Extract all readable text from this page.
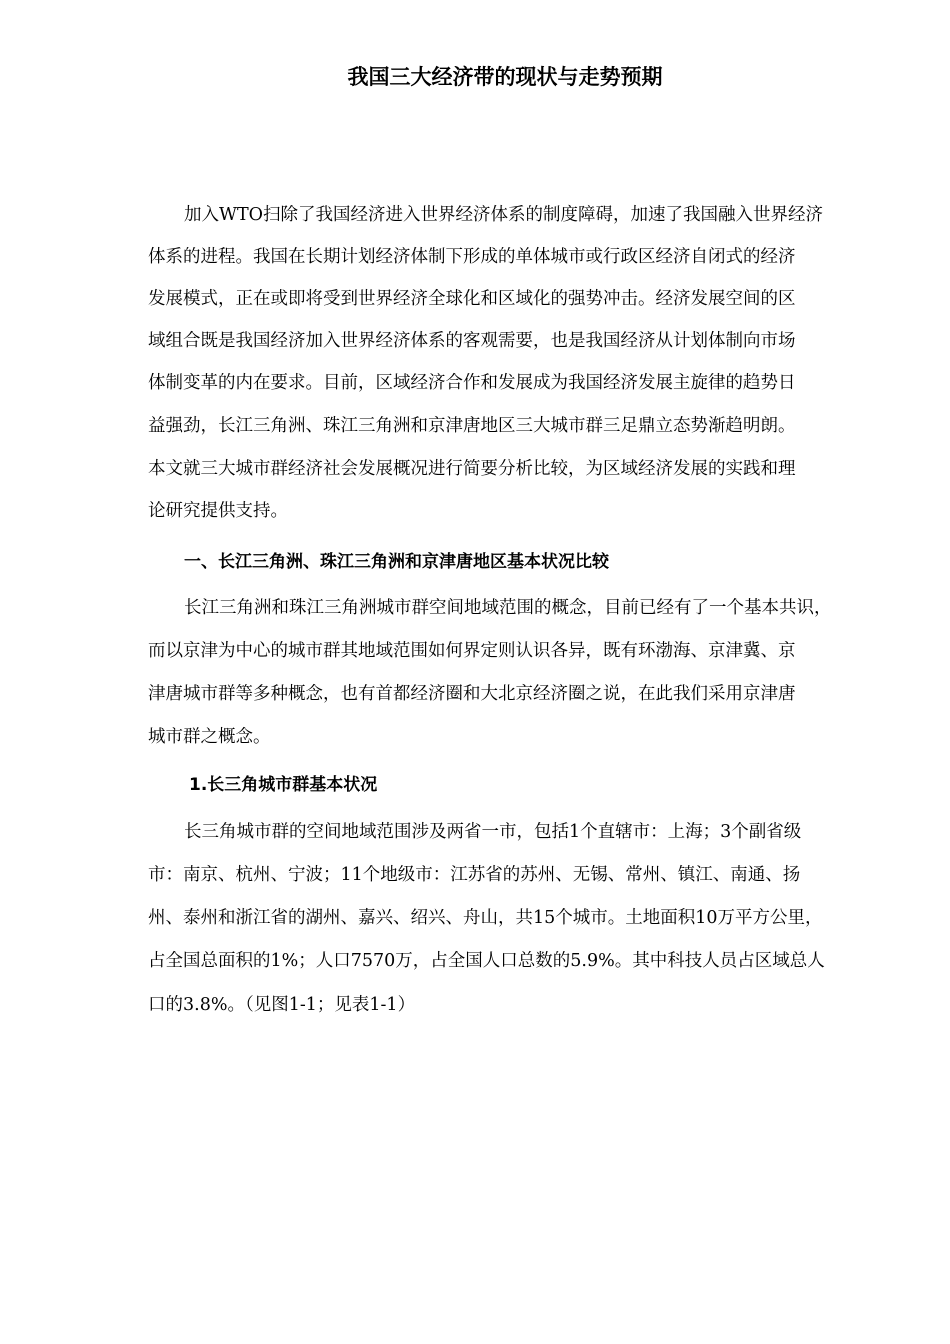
我国三大经济带的现状与走势预期
加入WTO扫除了我国经济进入世界经济体系的制度障碍，加速了我国融入世界经济
体系的进程。我国在长期计划经济体制下形成的单体城市或行政区经济自闭式的经济
发展模式，正在或即将受到世界经济全球化和区域化的强势冲击。经济发展空间的区
域组合既是我国经济加入世界经济体系的客观需要，也是我国经济从计划体制向市场
体制变革的内在要求。目前，区域经济合作和发展成为我国经济发展主旋律的趋势日
益强劲，长江三角洲、珠江三角洲和京津唐地区三大城市群三足鼎立态势渐趋明朗。
本文就三大城市群经济社会发展概况进行简要分析比较，为区域经济发展的实践和理
论研究提供支持。
一、长江三角洲、珠江三角洲和京津唐地区基本状况比较
长江三角洲和珠江三角洲城市群空间地域范围的概念，目前已经有了一个基本共识，
而以京津为中心的城市群其地域范围如何界定则认识各异，既有环渤海、京津冀、京
津唐城市群等多种概念，也有首都经济圈和大北京经济圈之说，在此我们采用京津唐
城市群之概念。
1.长三角城市群基本状况
长三角城市群的空间地域范围涉及两省一市，包括1个直辖市：上海；3个副省级
市：南京、杭州、宁波；11个地级市：江苏省的苏州、无锡、常州、镇江、南通、扬
州、泰州和浙江省的湖州、嘉兴、绍兴、舟山，共15个城市。土地面积10万平方公里，
占全国总面积的1%；人口7570万，占全国人口总数的5.9%。其中科技人员占区域总人
口的3.8%。（见图1-1；见表1-1）
